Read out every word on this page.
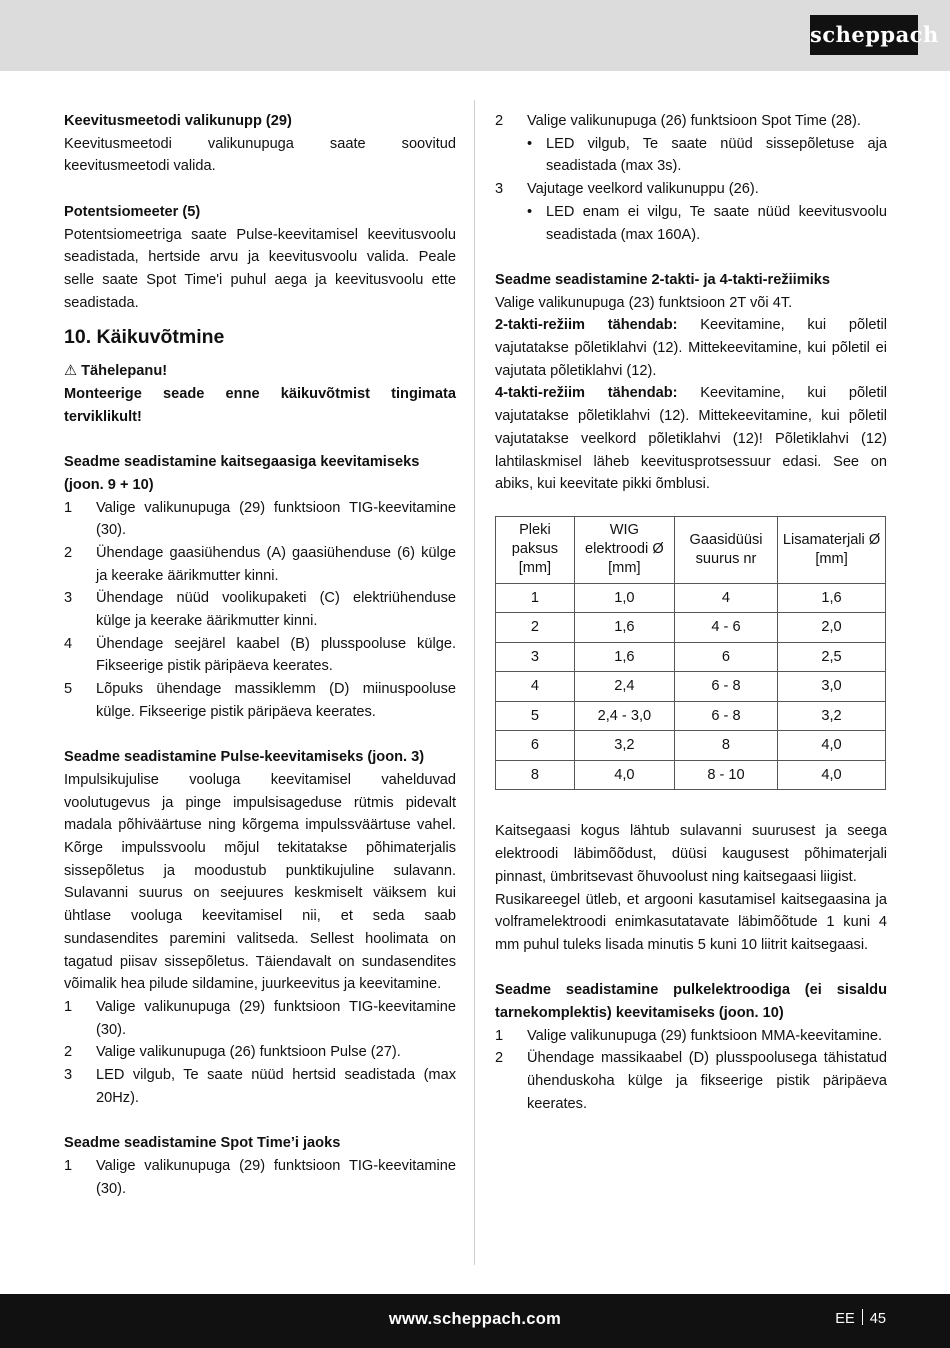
scheppach

Keevitusmeetodi valikunupp (29)

Keevitusmeetodi valikunupuga saate soovitud keevitusmeetodi valida.

Potentsiomeeter (5)

Potentsiomeetriga saate Pulse-keevitamisel keevitusvoolu seadistada, hertside arvu ja keevitusvoolu valida. Peale selle saate Spot Time'i puhul aega ja keevitusvoolu ette seadistada.

10. Käikuvõtmine

⚠ Tähelepanu!

Monteerige seade enne käikuvõtmist tingimata terviklikult!

Seadme seadistamine kaitsegaasiga keevitamiseks

(joon. 9 + 10)

1 Valige valikunupuga (29) funktsioon TIG-keevitamine (30).
2 Ühendage gaasiühendus (A) gaasiühenduse (6) külge ja keerake äärikmutter kinni.
3 Ühendage nüüd voolikupaketi (C) elektriühenduse külge ja keerake äärikmutter kinni.
4 Ühendage seejärel kaabel (B) plusspooluse külge. Fikseerige pistik päripäeva keerates.
5 Lõpuks ühendage massiklemm (D) miinuspooluse külge. Fikseerige pistik päripäeva keerates.

Seadme seadistamine Pulse-keevitamiseks (joon. 3)

Impulsikujulise vooluga keevitamisel vahelduvad voolutugevus ja pinge impulsisageduse rütmis pidevalt madala põhiväärtuse ning kõrgema impulssväärtuse vahel. Kõrge impulssvoolu mõjul tekitatakse põhimaterjalis sissepõletus ja moodustub punktikujuline sulavann. Sulavanni suurus on seejuures keskmiselt väiksem kui ühtlase vooluga keevitamisel nii, et seda saab sundasendites paremini valitseda. Sellest hoolimata on tagatud piisav sissepõletus. Täiendavalt on sundasendites võimalik hea pilude sildamine, juurkeevitus ja keevitamine.

1 Valige valikunupuga (29) funktsioon TIG-keevitamine (30).
2 Valige valikunupuga (26) funktsioon Pulse (27).
3 LED vilgub, Te saate nüüd hertsid seadistada (max 20Hz).

Seadme seadistamine Spot Time’i jaoks

1 Valige valikunupuga (29) funktsioon TIG-keevitamine (30).
2 Valige valikunupuga (26) funktsioon Spot Time (28).
• LED vilgub, Te saate nüüd sissepõletuse aja seadistada (max 3s).
3 Vajutage veelkord valikunuppu (26).
• LED enam ei vilgu, Te saate nüüd keevitusvoolu seadistada (max 160A).

Seadme seadistamine 2-takti- ja 4-takti-režiimiks

Valige valikunupuga (23) funktsioon 2T või 4T.

2-takti-režiim tähendab: Keevitamine, kui põletil vajutatakse põletiklahvi (12). Mittekeevitamine, kui põletil ei vajutata põletiklahvi (12).

4-takti-režiim tähendab: Keevitamine, kui põletil vajutatakse põletiklahvi (12). Mittekeevitamine, kui põletil vajutatakse veelkord põletiklahvi (12)! Põletiklahvi (12) lahtilaskmisel läheb keevitusprotsessuur edasi. See on abiks, kui keevitate pikki õmblusi.

Pleki paksus [mm]	WIG elektroodi Ø [mm]	Gaasidüüsi suurus nr	Lisamaterjali Ø [mm]
1	1,0	4	1,6
2	1,6	4 - 6	2,0
3	1,6	6	2,5
4	2,4	6 - 8	3,0
5	2,4 - 3,0	6 - 8	3,2
6	3,2	8	4,0
8	4,0	8 - 10	4,0

Kaitsegaasi kogus lähtub sulavanni suurusest ja seega elektroodi läbimõõdust, düüsi kaugusest põhimaterjali pinnast, ümbritsevast õhuvoolust ning kaitsegaasi liigist.

Rusikareegel ütleb, et argooni kasutamisel kaitsegaasina ja volframelektroodi enimkasutatavate läbimõõtude 1 kuni 4 mm puhul tuleks lisada minutis 5 kuni 10 liitrit kaitsegaasi.

Seadme seadistamine pulkelektroodiga (ei sisaldu tarnekomplektis) keevitamiseks (joon. 10)

1 Valige valikunupuga (29) funktsioon MMA-keevitamine.
2 Ühendage massikaabel (D) plusspoolusega tähistatud ühenduskoha külge ja fikseerige pistik päripäeva keerates.
www.scheppach.com	EE 45
